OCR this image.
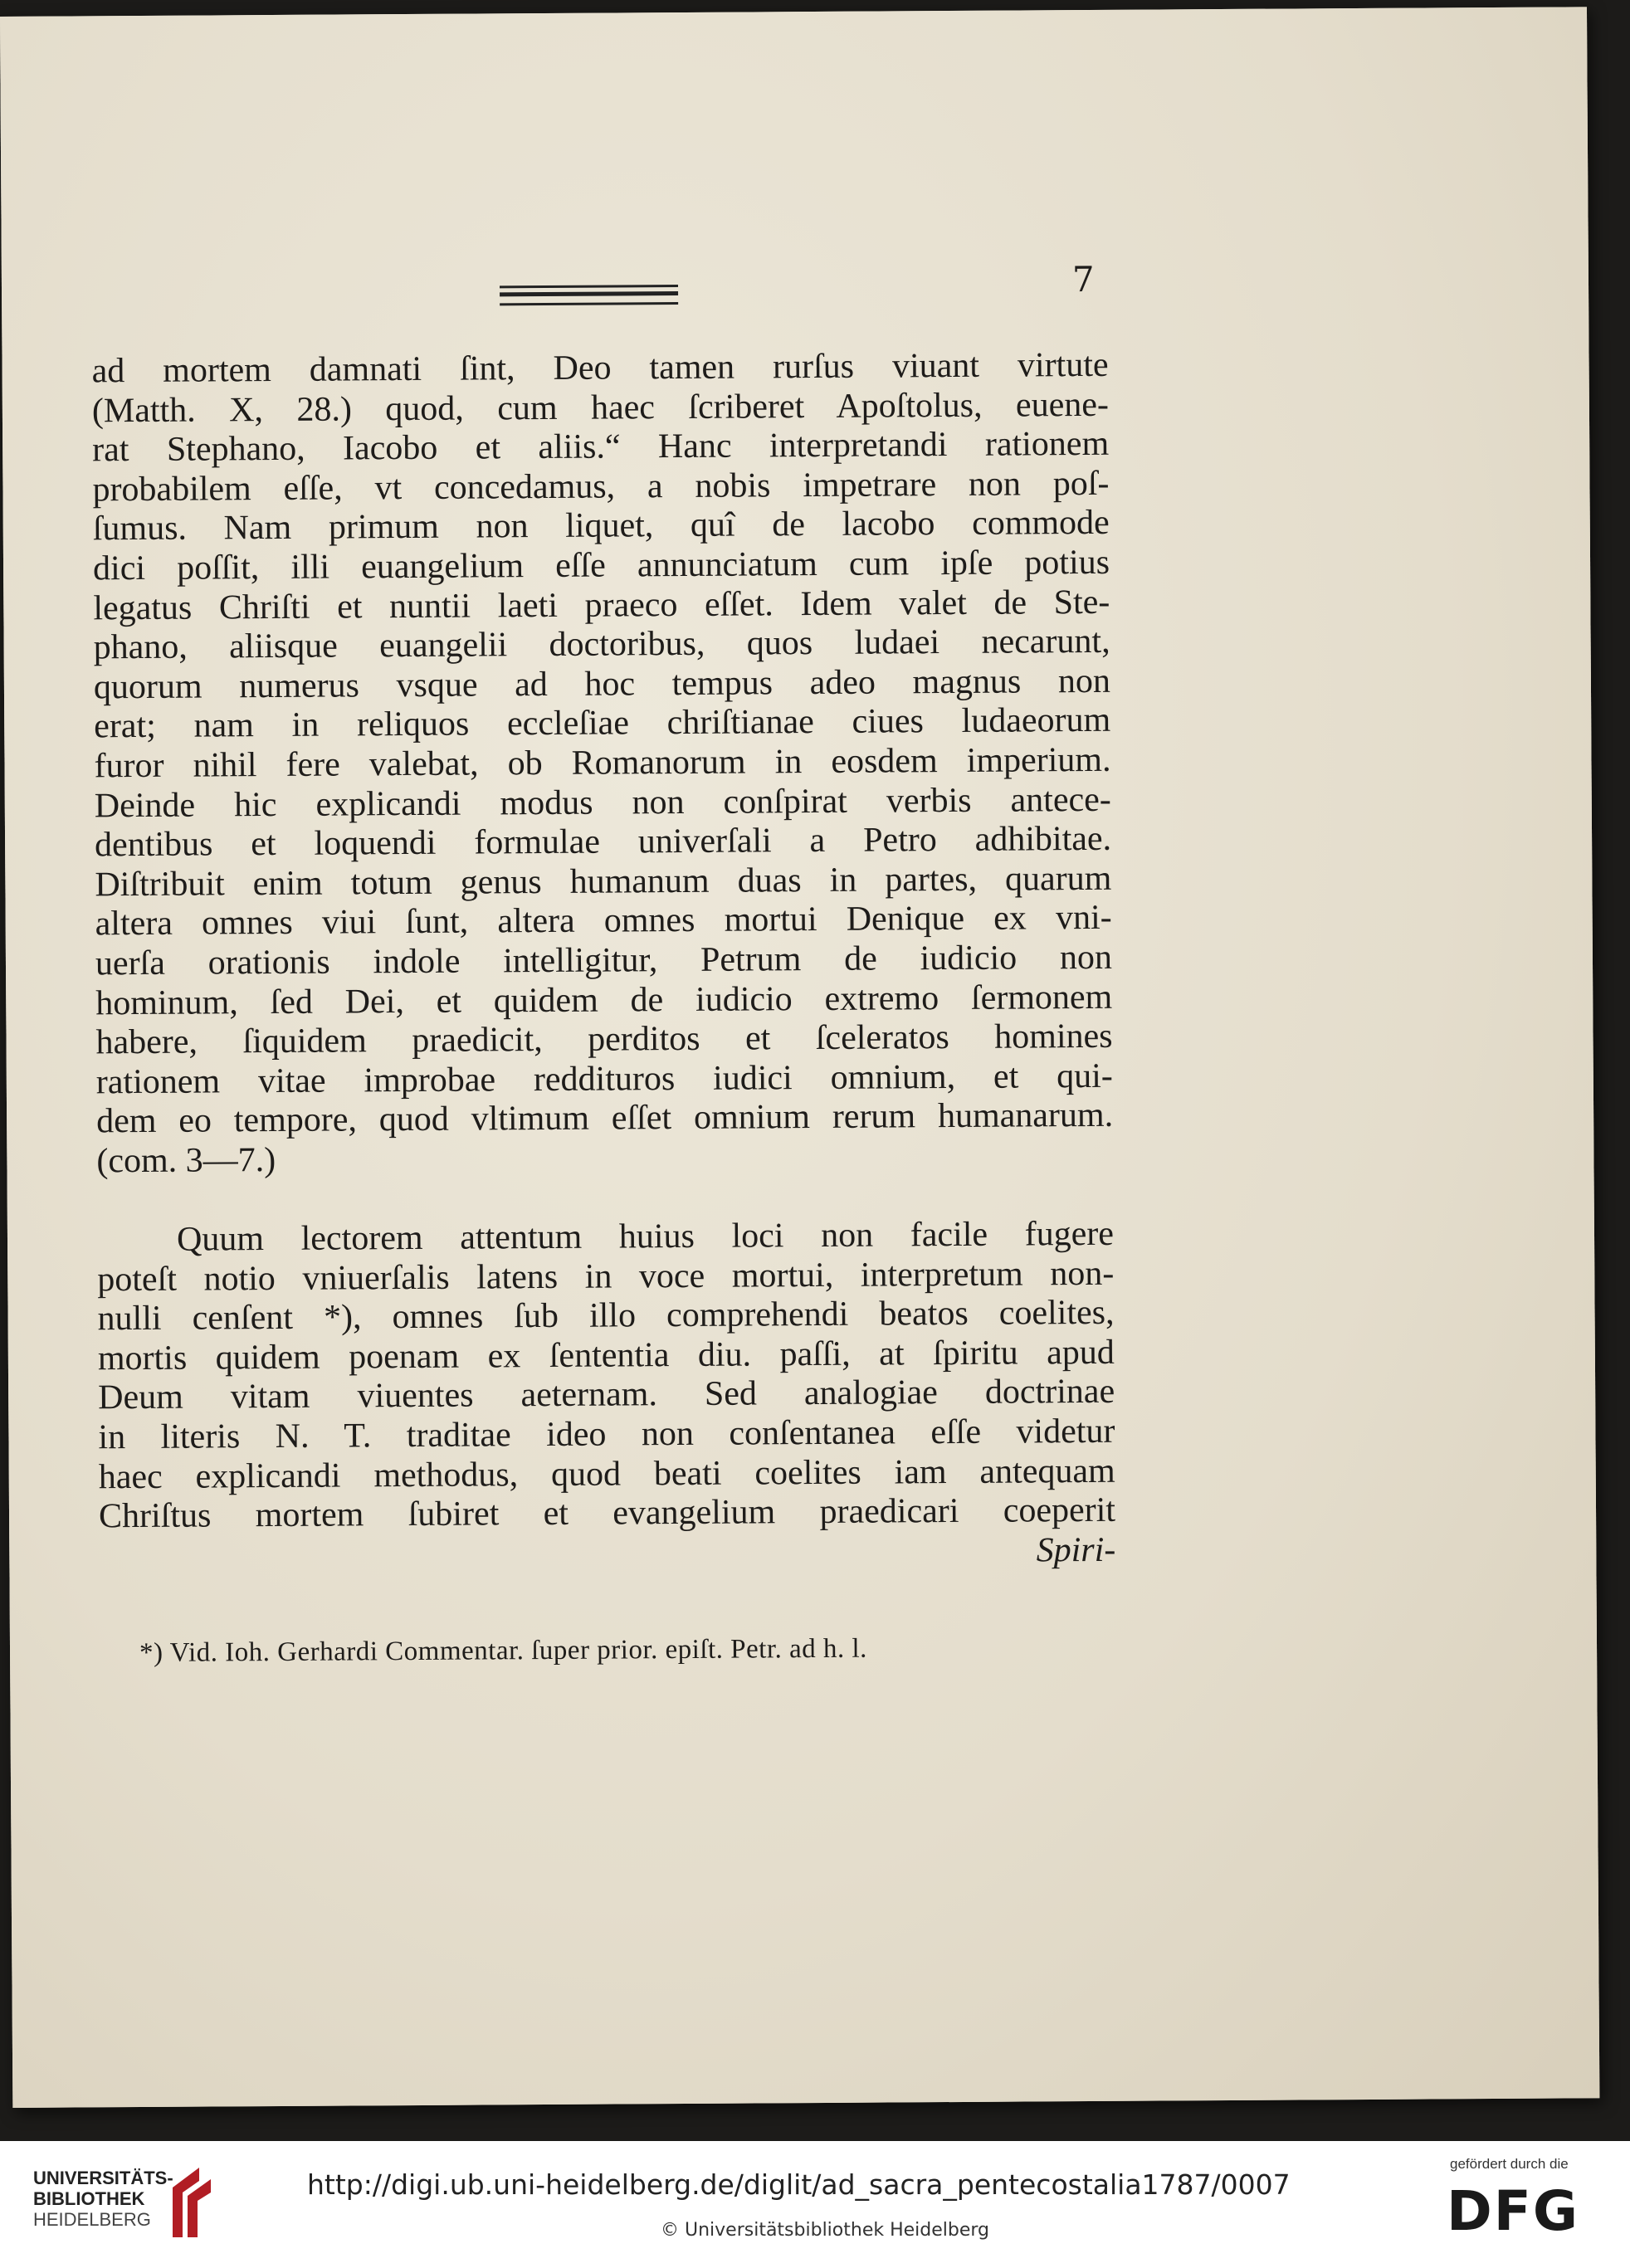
7
ad mortem damnati ſint, Deo tamen rurſus viuant virtute
(Matth. X, 28.) quod, cum haec ſcriberet Apoſtolus, euene-
rat Stephano, Iacobo et aliis.“ Hanc interpretandi rationem
probabilem eſſe, vt concedamus, a nobis impetrare non poſ-
ſumus. Nam primum non liquet, quî de lacobo commode
dici poſſit, illi euangelium eſſe annunciatum cum ipſe potius
legatus Chriſti et nuntii laeti praeco eſſet. Idem valet de Ste-
phano, aliisque euangelii doctoribus, quos ludaei necarunt,
quorum numerus vsque ad hoc tempus adeo magnus non
erat; nam in reliquos eccleſiae chriſtianae ciues ludaeorum
furor nihil fere valebat, ob Romanorum in eosdem imperium.
Deinde hic explicandi modus non conſpirat verbis antece-
dentibus et loquendi formulae univerſali a Petro adhibitae.
Diſtribuit enim totum genus humanum duas in partes, quarum
altera omnes viui ſunt, altera omnes mortui Denique ex vni-
uerſa orationis indole intelligitur, Petrum de iudicio non
hominum, ſed Dei, et quidem de iudicio extremo ſermonem
habere, ſiquidem praedicit, perditos et ſceleratos homines
rationem vitae improbae reddituros iudici omnium, et qui-
dem eo tempore, quod vltimum eſſet omnium rerum humanarum.
(com. 3—7.)
Quum lectorem attentum huius loci non facile fugere
poteſt notio vniuerſalis latens in voce mortui, interpretum non-
nulli cenſent *), omnes ſub illo comprehendi beatos coelites,
mortis quidem poenam ex ſententia diu. paſſi, at ſpiritu apud
Deum vitam viuentes aeternam. Sed analogiae doctrinae
in literis N. T. traditae ideo non conſentanea eſſe videtur
haec explicandi methodus, quod beati coelites iam antequam
Chriſtus mortem ſubiret et evangelium praedicari coeperit
Spiri-
*) Vid. Ioh. Gerhardi Commentar. ſuper prior. epiſt. Petr. ad h. l.
UNIVERSITÄTS-
BIBLIOTHEK
HEIDELBERG
http://digi.ub.uni-heidelberg.de/diglit/ad_sacra_pentecostalia1787/0007
© Universitätsbibliothek Heidelberg
gefördert durch die
DFG
